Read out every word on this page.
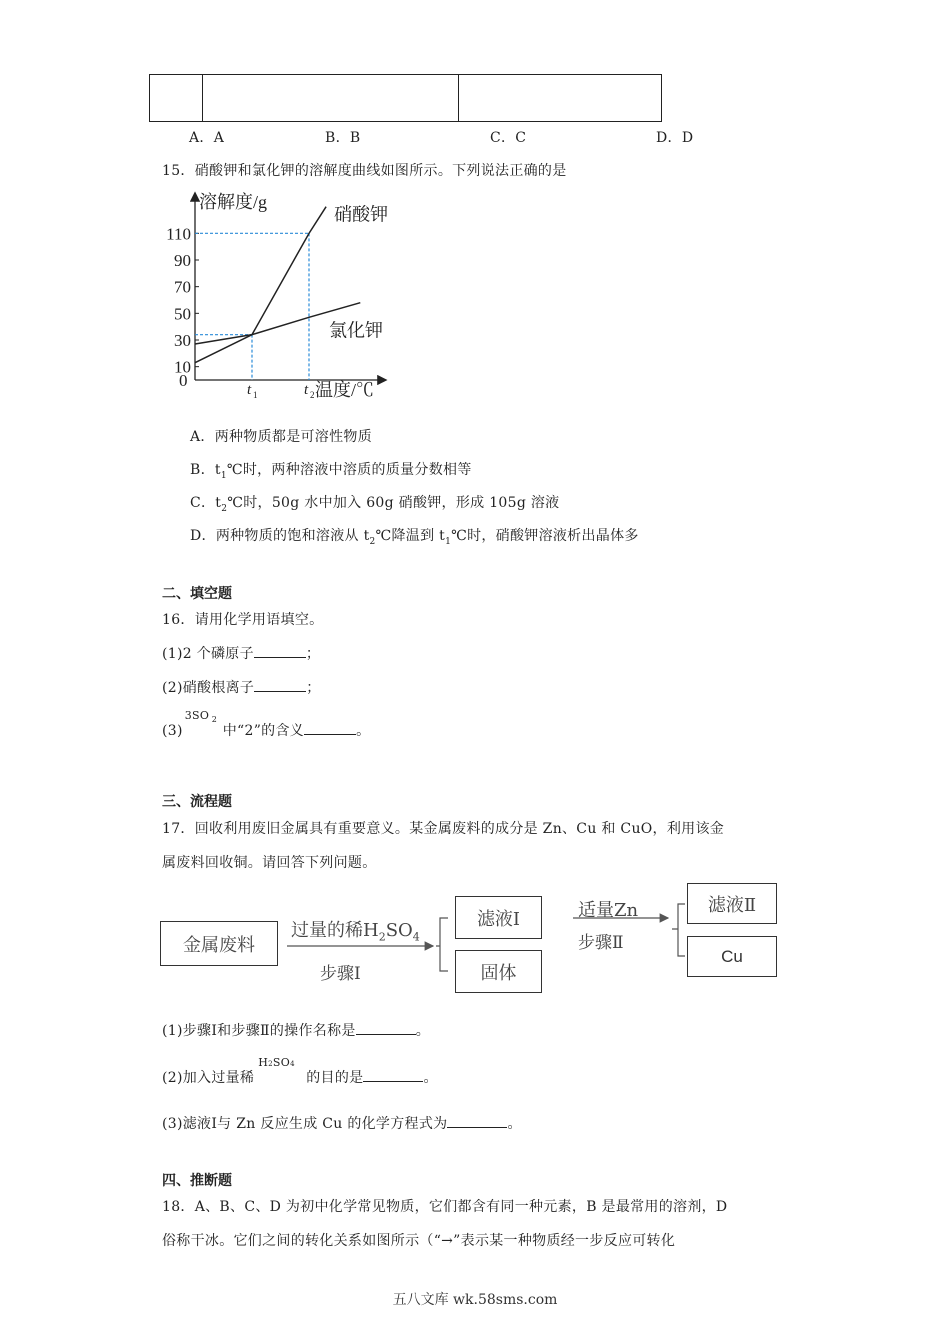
A．A	B．B	C．C	D．D
15．硝酸钾和氯化钾的溶解度曲线如图所示。下列说法正确的是
110
90
70
50
30
10
0
溶解度/g
温度/℃
t 1	t 2
硝酸钾
氯化钾
A．两种物质都是可溶性物质
B．$t_1℃$时，两种溶液中溶质的质量分数相等
C．$t_2℃$时，50g 水中加入 60g 硝酸钾，形成 105g 溶液
D．两种物质的饱和溶液从 $t_2℃$降温到 $t_1℃$时，硝酸钾溶液析出晶体多
二、填空题
16．请用化学用语填空。
(1)2 个磷原子	；
(2)硝酸根离子	；
(3)
3SO 2
中“2”的含义	。
三、流程题
17．回收利用废旧金属具有重要意义。某金属废料的成分是 Zn、Cu 和 CuO，利用该金
属废料回收铜。请回答下列问题。
金属废料
过量的稀$H_2SO_4$
步骤Ⅰ
滤液Ⅰ
固体
适量Zn
步骤Ⅱ
滤液Ⅱ
Cu
(1)步骤Ⅰ和步骤Ⅱ的操作名称是	。
(2)加入过量稀
H2SO4
的目的是	。
(3)滤液Ⅰ与 Zn 反应生成 Cu 的化学方程式为	。
四、推断题
18．A、B、C、D 为初中化学常见物质，它们都含有同一种元素，B 是最常用的溶剂，D
俗称干冰。它们之间的转化关系如图所示（“→”表示某一种物质经一步反应可转化
五八文库 wk.58sms.com
